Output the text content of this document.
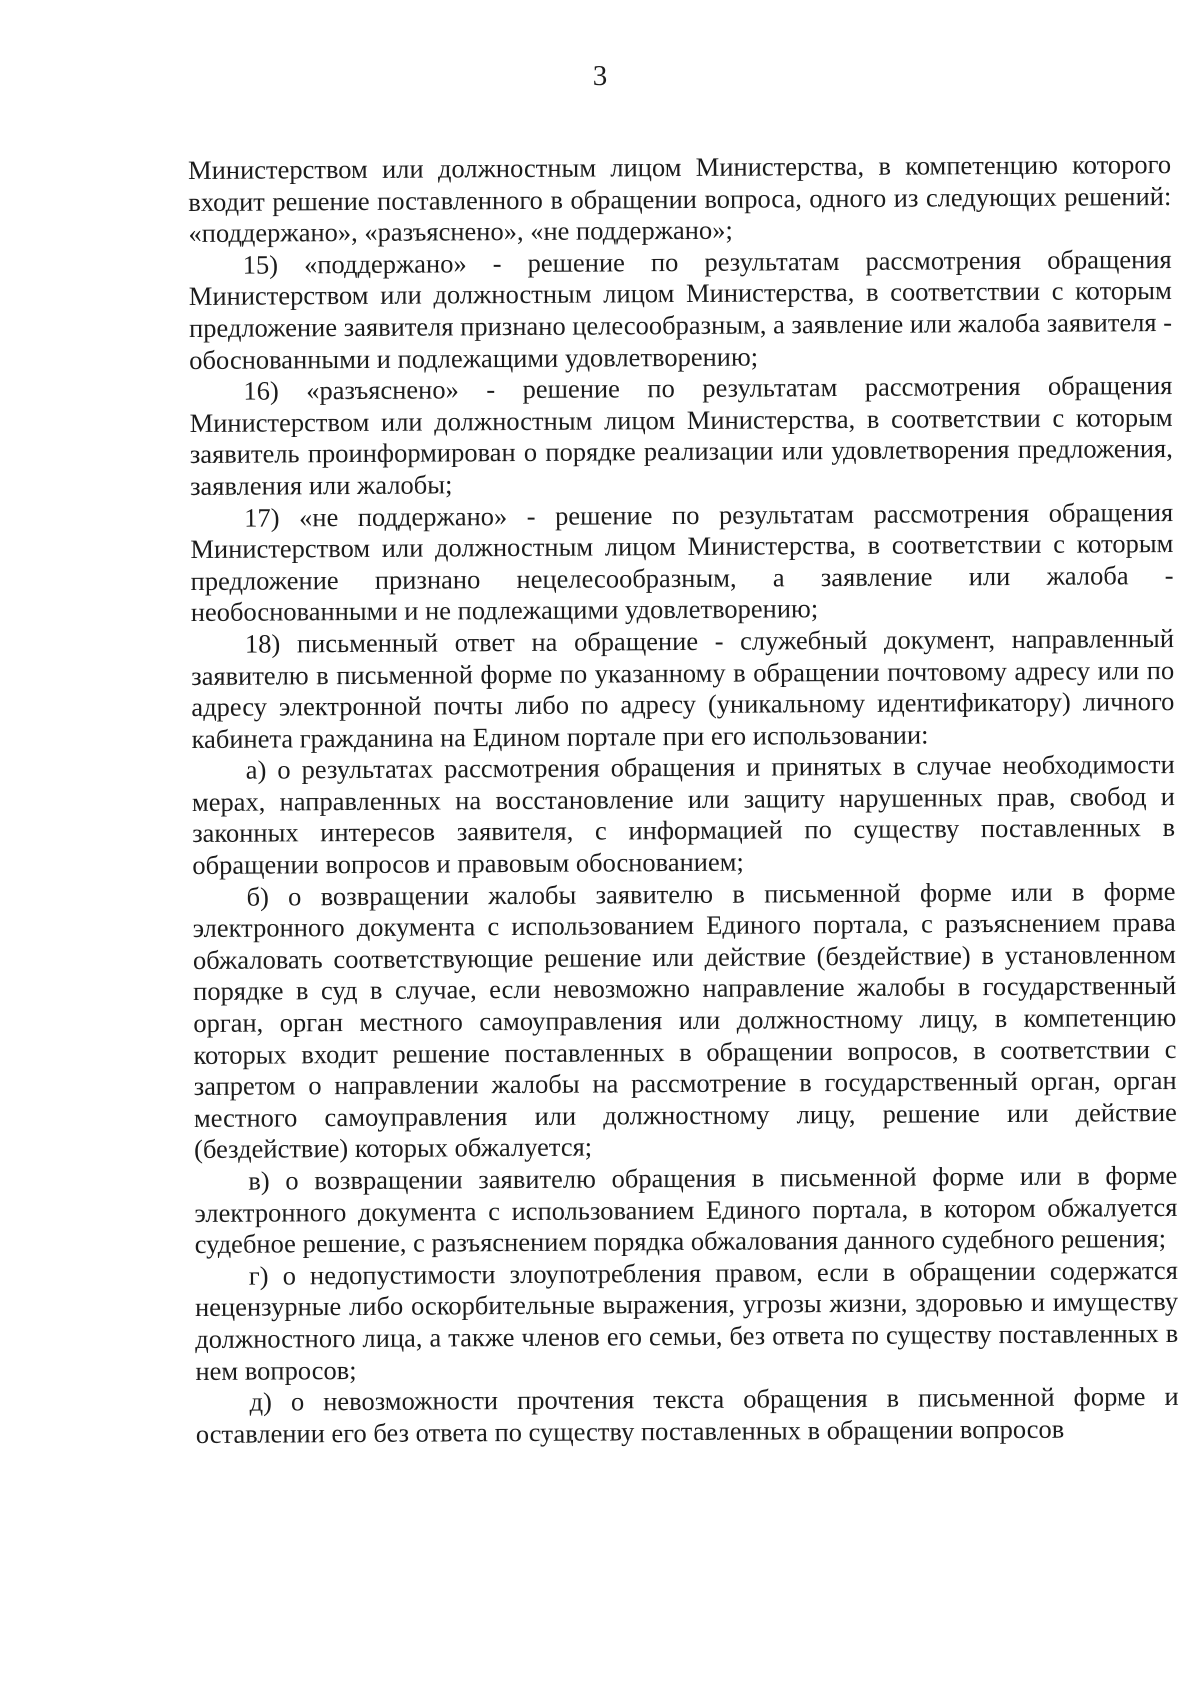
3

Министерством или должностным лицом Министерства, в компетенцию которого входит решение поставленного в обращении вопроса, одного из следующих решений: «поддержано», «разъяснено», «не поддержано»;

15) «поддержано» - решение по результатам рассмотрения обращения Министерством или должностным лицом Министерства, в соответствии с которым предложение заявителя признано целесообразным, а заявление или жалоба заявителя - обоснованными и подлежащими удовлетворению;

16) «разъяснено» - решение по результатам рассмотрения обращения Министерством или должностным лицом Министерства, в соответствии с которым заявитель проинформирован о порядке реализации или удовлетворения предложения, заявления или жалобы;

17) «не поддержано» - решение по результатам рассмотрения обращения Министерством или должностным лицом Министерства, в соответствии с которым предложение признано нецелесообразным, а заявление или жалоба - необоснованными и не подлежащими удовлетворению;

18) письменный ответ на обращение - служебный документ, направленный заявителю в письменной форме по указанному в обращении почтовому адресу или по адресу электронной почты либо по адресу (уникальному идентификатору) личного кабинета гражданина на Едином портале при его использовании:

а) о результатах рассмотрения обращения и принятых в случае необходимости мерах, направленных на восстановление или защиту нарушенных прав, свобод и законных интересов заявителя, с информацией по существу поставленных в обращении вопросов и правовым обоснованием;

б) о возвращении жалобы заявителю в письменной форме или в форме электронного документа с использованием Единого портала, с разъяснением права обжаловать соответствующие решение или действие (бездействие) в установленном порядке в суд в случае, если невозможно направление жалобы в государственный орган, орган местного самоуправления или должностному лицу, в компетенцию которых входит решение поставленных в обращении вопросов, в соответствии с запретом о направлении жалобы на рассмотрение в государственный орган, орган местного самоуправления или должностному лицу, решение или действие (бездействие) которых обжалуется;

в) о возвращении заявителю обращения в письменной форме или в форме электронного документа с использованием Единого портала, в котором обжалуется судебное решение, с разъяснением порядка обжалования данного судебного решения;

г) о недопустимости злоупотребления правом, если в обращении содержатся нецензурные либо оскорбительные выражения, угрозы жизни, здоровью и имуществу должностного лица, а также членов его семьи, без ответа по существу поставленных в нем вопросов;

д) о невозможности прочтения текста обращения в письменной форме и оставлении его без ответа по существу поставленных в обращении вопросов
